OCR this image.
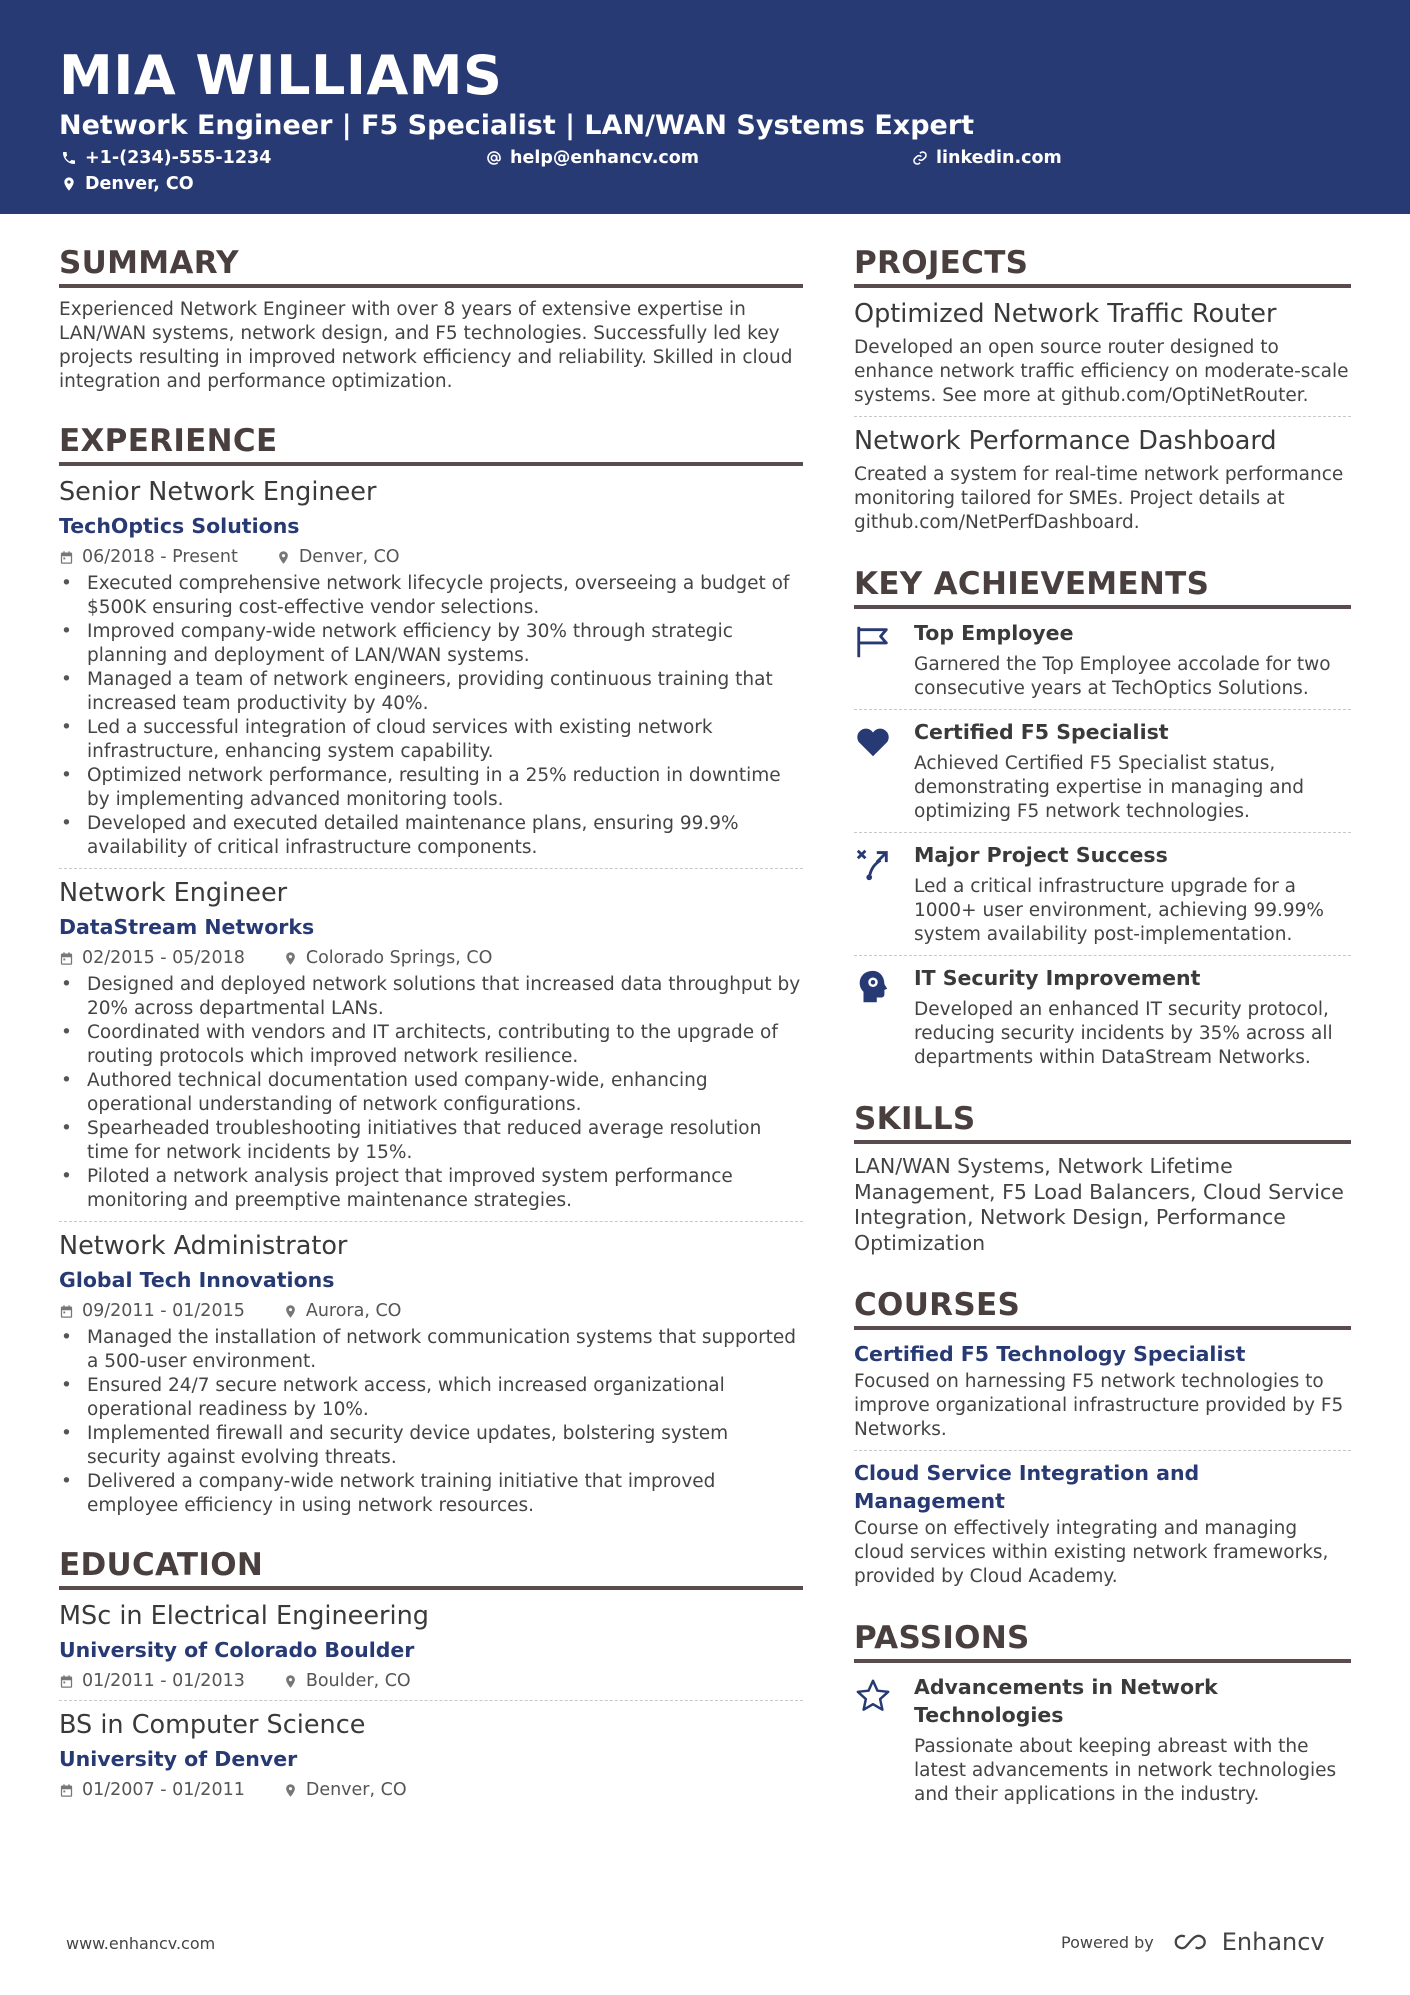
MIA WILLIAMS
Network Engineer | F5 Specialist | LAN/WAN Systems Expert
+1-(234)-555-1234	help@enhancv.com	linkedin.com
Denver, CO
SUMMARY

Experienced Network Engineer with over 8 years of extensive expertise in LAN/WAN systems, network design, and F5 technologies. Successfully led key projects resulting in improved network efficiency and reliability. Skilled in cloud integration and performance optimization.

EXPERIENCE
Senior Network Engineer
TechOptics Solutions
06/2018 - Present	Denver, CO
• Executed comprehensive network lifecycle projects, overseeing a budget of $500K ensuring cost-effective vendor selections.
• Improved company-wide network efficiency by 30% through strategic planning and deployment of LAN/WAN systems.
• Managed a team of network engineers, providing continuous training that increased team productivity by 40%.
• Led a successful integration of cloud services with existing network infrastructure, enhancing system capability.
• Optimized network performance, resulting in a 25% reduction in downtime by implementing advanced monitoring tools.
• Developed and executed detailed maintenance plans, ensuring 99.9% availability of critical infrastructure components.
Network Engineer
DataStream Networks
02/2015 - 05/2018	Colorado Springs, CO
• Designed and deployed network solutions that increased data throughput by 20% across departmental LANs.
• Coordinated with vendors and IT architects, contributing to the upgrade of routing protocols which improved network resilience.
• Authored technical documentation used company-wide, enhancing operational understanding of network configurations.
• Spearheaded troubleshooting initiatives that reduced average resolution time for network incidents by 15%.
• Piloted a network analysis project that improved system performance monitoring and preemptive maintenance strategies.
Network Administrator
Global Tech Innovations
09/2011 - 01/2015	Aurora, CO
• Managed the installation of network communication systems that supported a 500-user environment.
• Ensured 24/7 secure network access, which increased organizational operational readiness by 10%.
• Implemented firewall and security device updates, bolstering system security against evolving threats.
• Delivered a company-wide network training initiative that improved employee efficiency in using network resources.
EDUCATION
MSc in Electrical Engineering
University of Colorado Boulder
01/2011 - 01/2013	Boulder, CO
BS in Computer Science
University of Denver
01/2007 - 01/2011	Denver, CO
PROJECTS
Optimized Network Traffic Router

Developed an open source router designed to enhance network traffic efficiency on moderate-scale systems. See more at github.com/OptiNetRouter.

Network Performance Dashboard

Created a system for real-time network performance monitoring tailored for SMEs. Project details at github.com/NetPerfDashboard.

KEY ACHIEVEMENTS
Top Employee

Garnered the Top Employee accolade for two consecutive years at TechOptics Solutions.

Certified F5 Specialist

Achieved Certified F5 Specialist status, demonstrating expertise in managing and optimizing F5 network technologies.

Major Project Success

Led a critical infrastructure upgrade for a 1000+ user environment, achieving 99.99% system availability post-implementation.

IT Security Improvement

Developed an enhanced IT security protocol, reducing security incidents by 35% across all departments within DataStream Networks.

SKILLS

LAN/WAN Systems, Network Lifetime Management, F5 Load Balancers, Cloud Service Integration, Network Design, Performance Optimization

COURSES
Certified F5 Technology Specialist

Focused on harnessing F5 network technologies to improve organizational infrastructure provided by F5 Networks.

Cloud Service Integration and Management

Course on effectively integrating and managing cloud services within existing network frameworks, provided by Cloud Academy.

PASSIONS
Advancements in Network Technologies

Passionate about keeping abreast with the latest advancements in network technologies and their applications in the industry.

www.enhancv.com	Powered by	Enhancv
